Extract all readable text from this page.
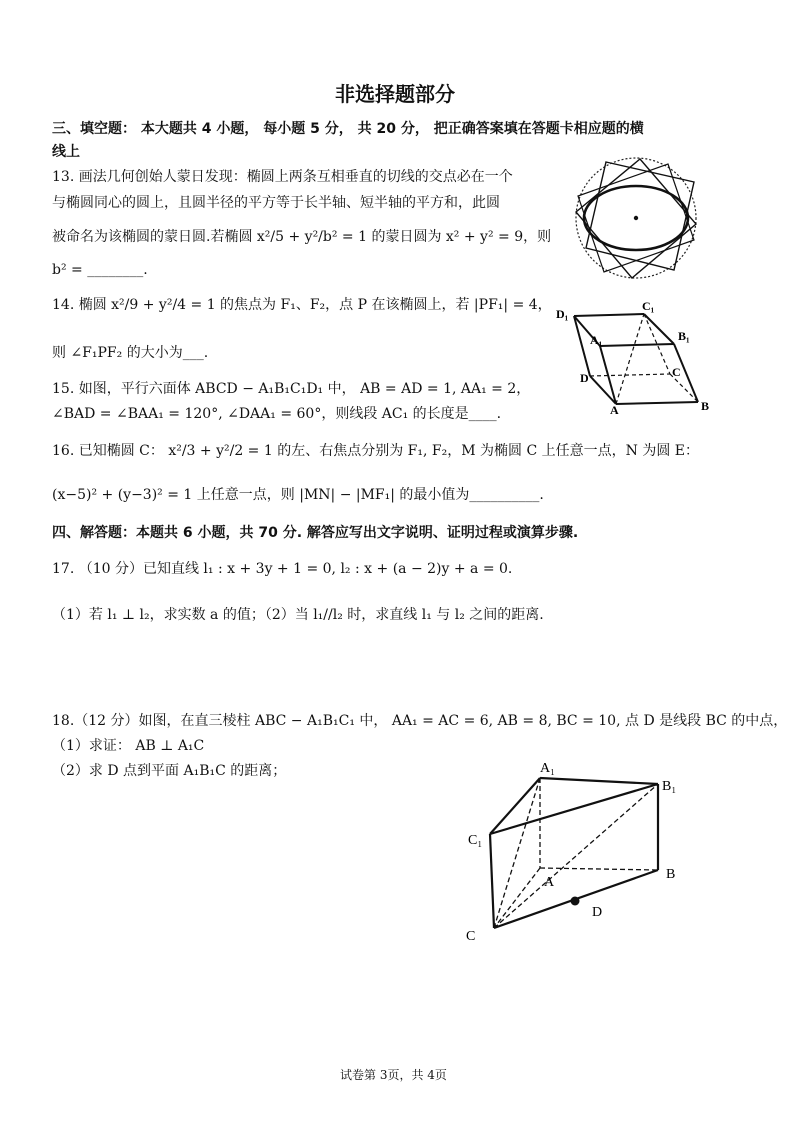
非选择题部分
三、填空题： 本大题共 4 小题， 每小题 5 分， 共 20 分， 把正确答案填在答题卡相应题的横
线上
13. 画法几何创始人蒙日发现：椭圆上两条互相垂直的切线的交点必在一个
与椭圆同心的圆上，且圆半径的平方等于长半轴、短半轴的平方和，此圆
被命名为该椭圆的蒙日圆.若椭圆 x²/5 + y²/b² = 1 的蒙日圆为 x² + y² = 9，则
b² = ________.
14. 椭圆 x²/9 + y²/4 = 1 的焦点为 F₁、F₂，点 P 在该椭圆上，若 |PF₁| = 4，
则 ∠F₁PF₂ 的大小为___.
15. 如图，平行六面体 ABCD − A₁B₁C₁D₁ 中， AB = AD = 1, AA₁ = 2，
∠BAD = ∠BAA₁ = 120°, ∠DAA₁ = 60°，则线段 AC₁ 的长度是____.
D₁
C₁
B₁
A₁
D	C
A	B
16. 已知椭圆 C： x²/3 + y²/2 = 1 的左、右焦点分别为 F₁, F₂，M 为椭圆 C 上任意一点，N 为圆 E：
(x−5)² + (y−3)² = 1 上任意一点，则 |MN| − |MF₁| 的最小值为__________.
四、解答题：本题共 6 小题，共 70 分. 解答应写出文字说明、证明过程或演算步骤.
17. （10 分）已知直线 l₁ : x + 3y + 1 = 0, l₂ : x + (a − 2)y + a = 0.
（1）若 l₁ ⊥ l₂，求实数 a 的值；（2）当 l₁//l₂ 时，求直线 l₁ 与 l₂ 之间的距离.
18.（12 分）如图，在直三棱柱 ABC − A₁B₁C₁ 中， AA₁ = AC = 6, AB = 8, BC = 10, 点 D 是线段 BC 的中点，
（1）求证： AB ⊥ A₁C
（2）求 D 点到平面 A₁B₁C 的距离；	A₁
B₁
C₁
A
B
D
C
试卷第 3页，共 4页
